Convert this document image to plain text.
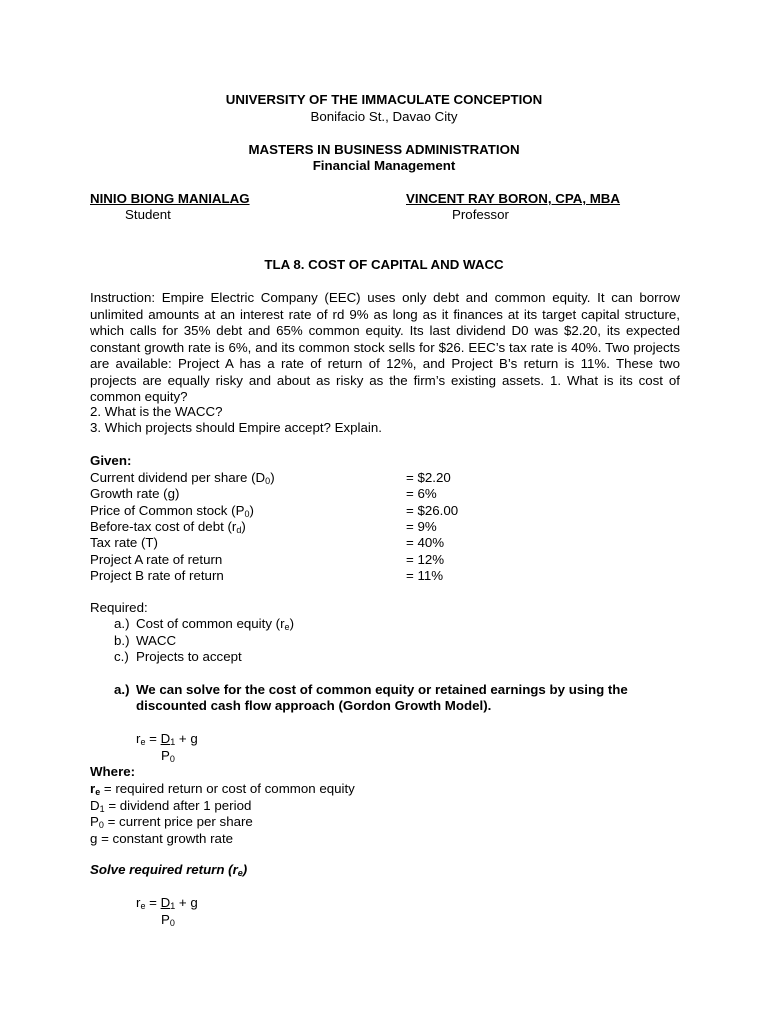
UNIVERSITY OF THE IMMACULATE CONCEPTION
Bonifacio St., Davao City
MASTERS IN BUSINESS ADMINISTRATION
Financial Management
NINIO BIONG MANIALAG
Student
VINCENT RAY BORON, CPA, MBA
Professor
TLA 8. COST OF CAPITAL AND WACC
Instruction: Empire Electric Company (EEC) uses only debt and common equity. It can borrow unlimited amounts at an interest rate of rd 9% as long as it finances at its target capital structure, which calls for 35% debt and 65% common equity. Its last dividend D0 was $2.20, its expected constant growth rate is 6%, and its common stock sells for $26. EEC’s tax rate is 40%. Two projects are available: Project A has a rate of return of 12%, and Project B’s return is 11%. These two projects are equally risky and about as risky as the firm’s existing assets. 1. What is its cost of common equity?
2. What is the WACC?
3. Which projects should Empire accept? Explain.
Given:
Current dividend per share $(D_0)$	= $2.20
Growth rate (g)	= 6%
Price of Common stock $(P_0)$	= $26.00
Before-tax cost of debt $(r_d)$	= 9%
Tax rate (T)	= 40%
Project A rate of return	= 12%
Project B rate of return	= 11%
Required:
a.) Cost of common equity $(r_e)$
b.) WACC
c.) Projects to accept
a.) We can solve for the cost of common equity or retained earnings by using the
discounted cash flow approach (Gordon Growth Model).
$r_e = D_1 + g$
$P_0$
Where:
$r_e$ = required return or cost of common equity
$D_1$ = dividend after 1 period
$P_0$ = current price per share
g = constant growth rate
Solve required return $(r_e)$
$r_e = D_1 + g$
$P_0$
